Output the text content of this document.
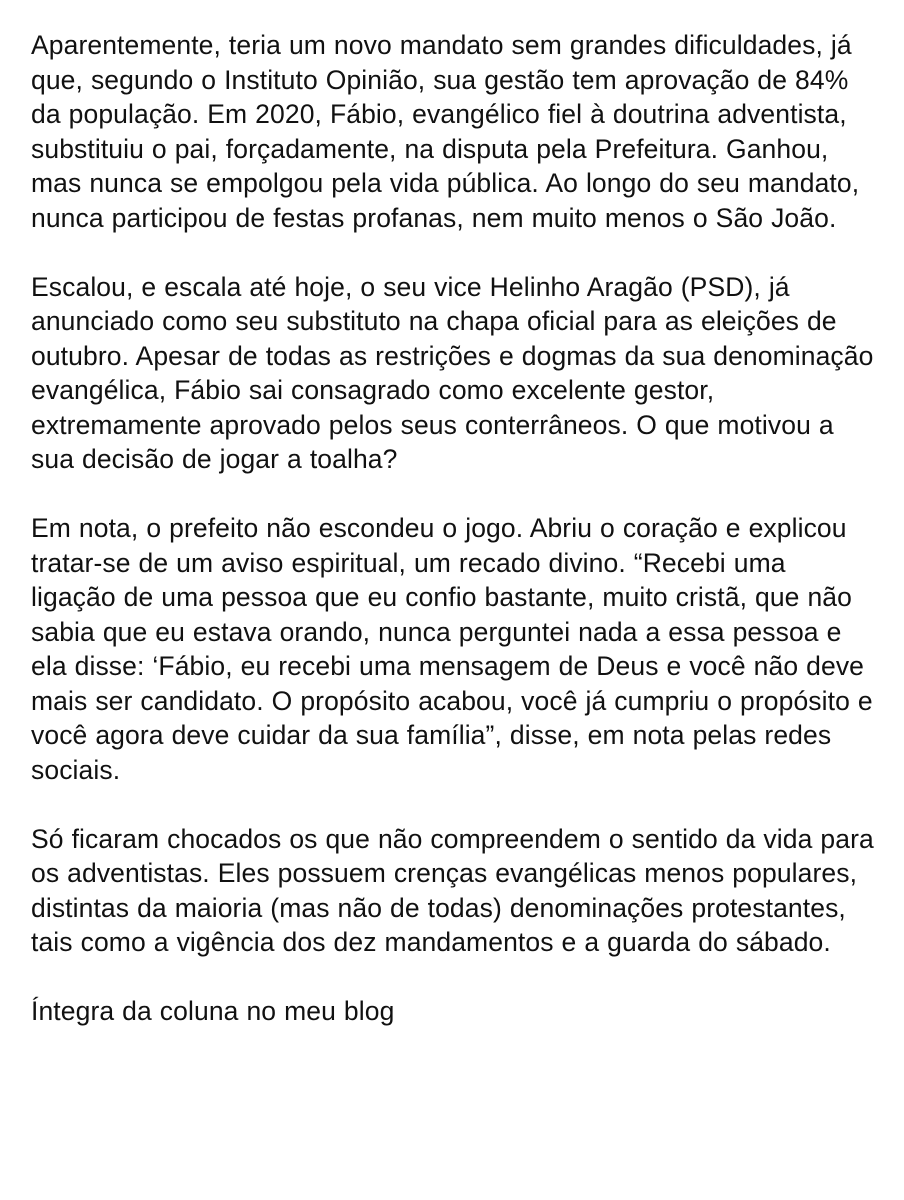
Aparentemente, teria um novo mandato sem grandes dificuldades, já que, segundo o Instituto Opinião, sua gestão tem aprovação de 84% da população. Em 2020, Fábio, evangélico fiel à doutrina adventista, substituiu o pai, forçadamente, na disputa pela Prefeitura. Ganhou, mas nunca se empolgou pela vida pública. Ao longo do seu mandato, nunca participou de festas profanas, nem muito menos o São João.

Escalou, e escala até hoje, o seu vice Helinho Aragão (PSD), já anunciado como seu substituto na chapa oficial para as eleições de outubro. Apesar de todas as restrições e dogmas da sua denominação evangélica, Fábio sai consagrado como excelente gestor, extremamente aprovado pelos seus conterrâneos. O que motivou a sua decisão de jogar a toalha?

Em nota, o prefeito não escondeu o jogo. Abriu o coração e explicou tratar-se de um aviso espiritual, um recado divino. “Recebi uma ligação de uma pessoa que eu confio bastante, muito cristã, que não sabia que eu estava orando, nunca perguntei nada a essa pessoa e ela disse: ‘Fábio, eu recebi uma mensagem de Deus e você não deve mais ser candidato. O propósito acabou, você já cumpriu o propósito e você agora deve cuidar da sua família”, disse, em nota pelas redes sociais.

Só ficaram chocados os que não compreendem o sentido da vida para os adventistas. Eles possuem crenças evangélicas menos populares, distintas da maioria (mas não de todas) denominações protestantes, tais como a vigência dos dez mandamentos e a guarda do sábado.

Íntegra da coluna no meu blog
